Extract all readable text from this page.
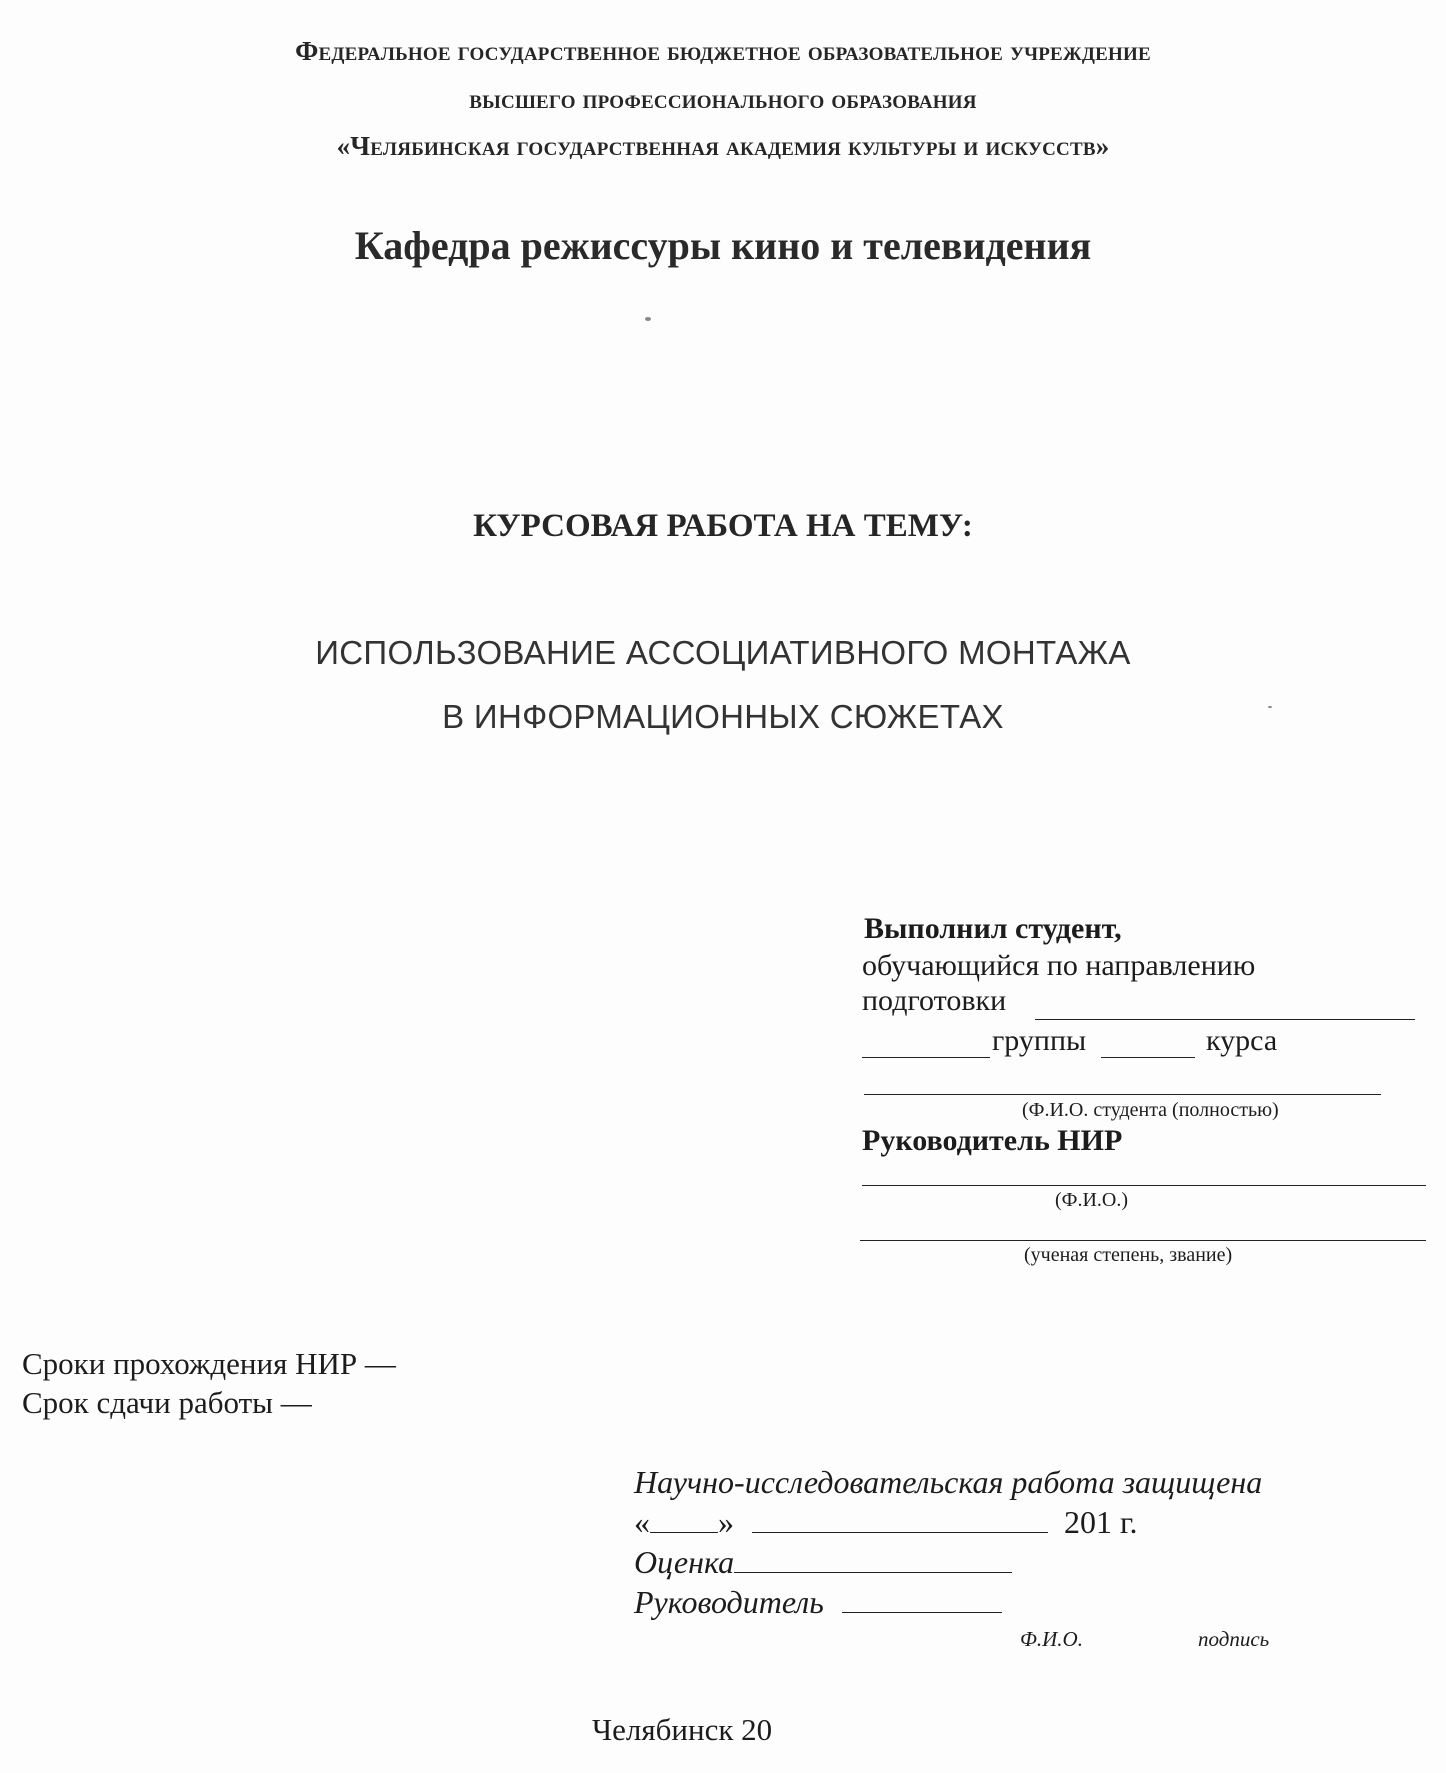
Федеральное государственное бюджетное образовательное учреждение
высшего профессионального образования
«Челябинская государственная академия культуры и искусств»
Кафедра режиссуры кино и телевидения
КУРСОВАЯ РАБОТА НА ТЕМУ:
ИСПОЛЬЗОВАНИЕ АССОЦИАТИВНОГО МОНТАЖА
В ИНФОРМАЦИОННЫХ СЮЖЕТАХ
Выполнил студент,
обучающийся по направлению
подготовки
группы	курса
(Ф.И.О. студента (полностью)
Руководитель НИР
(Ф.И.О.)
(ученая степень, звание)
Сроки прохождения НИР —
Срок сдачи работы —
Научно-исследовательская работа защищена
« »	201 г.
Оценка
Руководитель
Ф.И.О.	подпись
Челябинск 20
